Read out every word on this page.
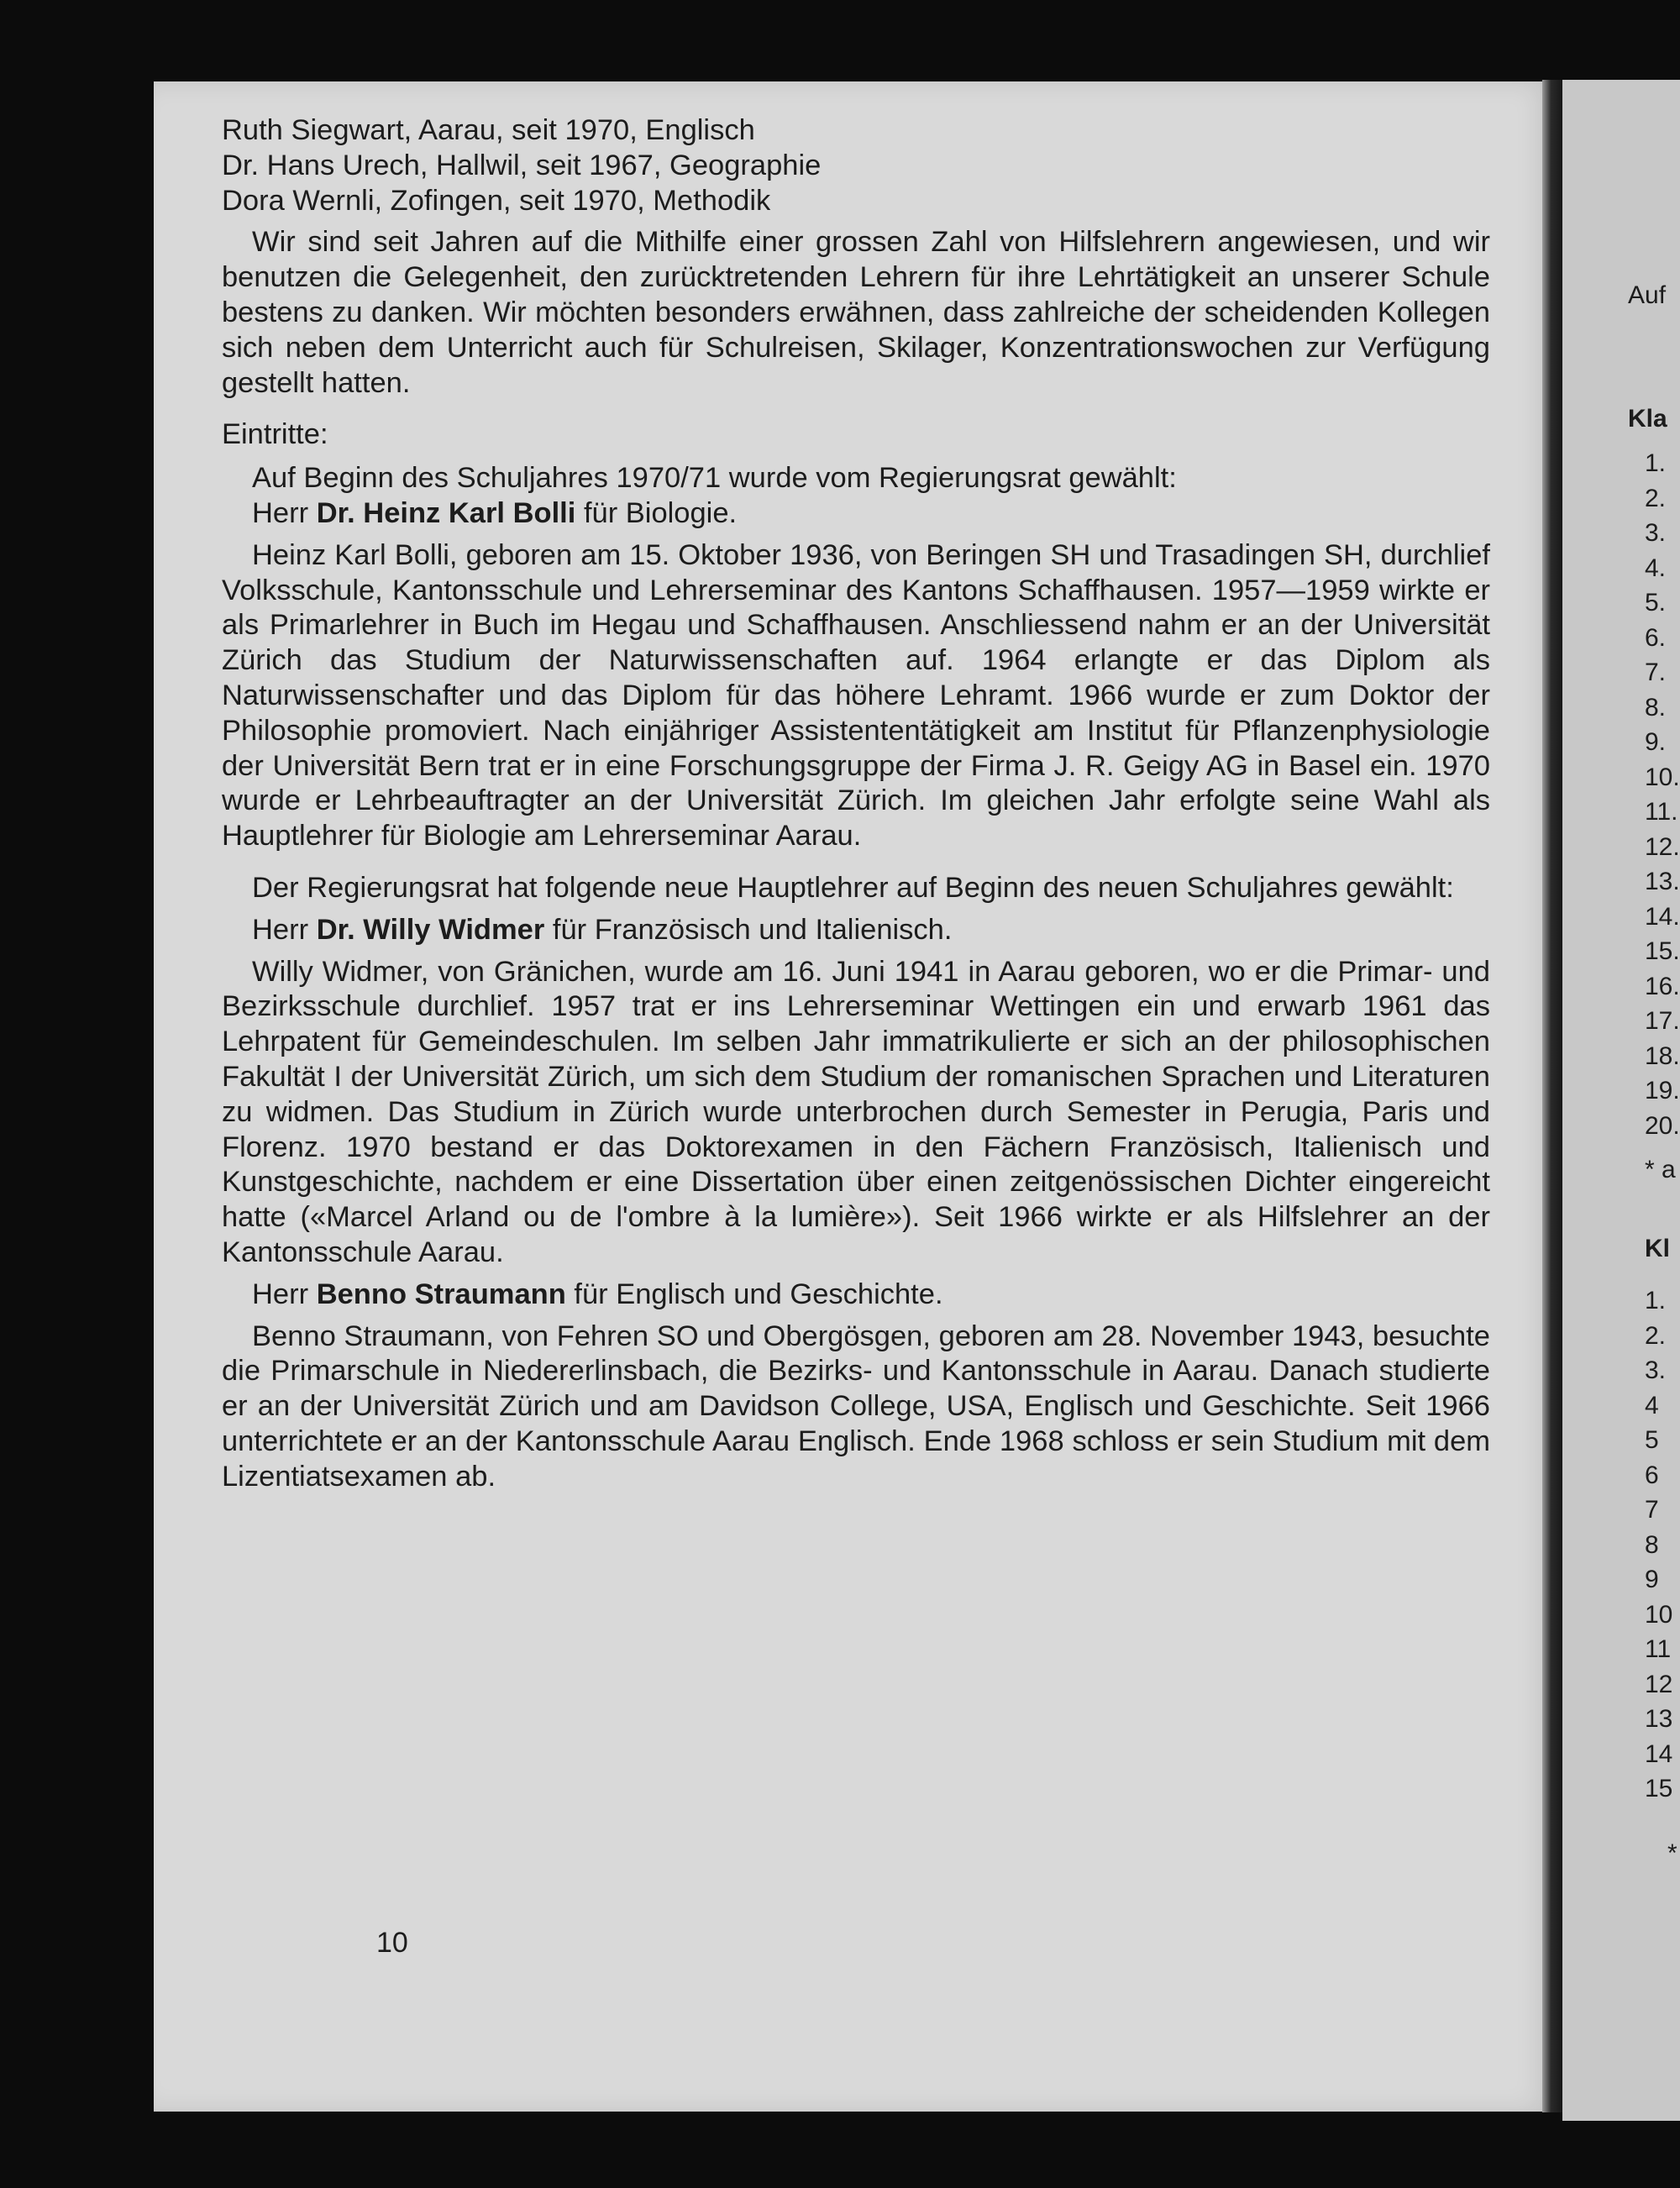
Ruth Siegwart, Aarau, seit 1970, Englisch
Dr. Hans Urech, Hallwil, seit 1967, Geographie
Dora Wernli, Zofingen, seit 1970, Methodik

Wir sind seit Jahren auf die Mithilfe einer grossen Zahl von Hilfslehrern angewiesen, und wir benutzen die Gelegenheit, den zurücktretenden Lehrern für ihre Lehrtätigkeit an unserer Schule bestens zu danken. Wir möchten besonders erwähnen, dass zahlreiche der scheidenden Kollegen sich neben dem Unterricht auch für Schulreisen, Skilager, Konzentrationswochen zur Verfügung gestellt hatten.

Eintritte:
Auf Beginn des Schuljahres 1970/71 wurde vom Regierungsrat gewählt:
Herr Dr. Heinz Karl Bolli für Biologie.

Heinz Karl Bolli, geboren am 15. Oktober 1936, von Beringen SH und Trasadingen SH, durchlief Volksschule, Kantonsschule und Lehrerseminar des Kantons Schaffhausen. 1957—1959 wirkte er als Primarlehrer in Buch im Hegau und Schaffhausen. Anschliessend nahm er an der Universität Zürich das Studium der Naturwissenschaften auf. 1964 erlangte er das Diplom als Naturwissenschafter und das Diplom für das höhere Lehramt. 1966 wurde er zum Doktor der Philosophie promoviert. Nach einjähriger Assistententätigkeit am Institut für Pflanzenphysiologie der Universität Bern trat er in eine Forschungsgruppe der Firma J. R. Geigy AG in Basel ein. 1970 wurde er Lehrbeauftragter an der Universität Zürich. Im gleichen Jahr erfolgte seine Wahl als Hauptlehrer für Biologie am Lehrerseminar Aarau.

Der Regierungsrat hat folgende neue Hauptlehrer auf Beginn des neuen Schuljahres gewählt:

Herr Dr. Willy Widmer für Französisch und Italienisch.

Willy Widmer, von Gränichen, wurde am 16. Juni 1941 in Aarau geboren, wo er die Primar- und Bezirksschule durchlief. 1957 trat er ins Lehrerseminar Wettingen ein und erwarb 1961 das Lehrpatent für Gemeindeschulen. Im selben Jahr immatrikulierte er sich an der philosophischen Fakultät I der Universität Zürich, um sich dem Studium der romanischen Sprachen und Literaturen zu widmen. Das Studium in Zürich wurde unterbrochen durch Semester in Perugia, Paris und Florenz. 1970 bestand er das Doktorexamen in den Fächern Französisch, Italienisch und Kunstgeschichte, nachdem er eine Dissertation über einen zeitgenössischen Dichter eingereicht hatte («Marcel Arland ou de l'ombre à la lumière»). Seit 1966 wirkte er als Hilfslehrer an der Kantonsschule Aarau.

Herr Benno Straumann für Englisch und Geschichte.

Benno Straumann, von Fehren SO und Obergösgen, geboren am 28. November 1943, besuchte die Primarschule in Niedererlinsbach, die Bezirks- und Kantonsschule in Aarau. Danach studierte er an der Universität Zürich und am Davidson College, USA, Englisch und Geschichte. Seit 1966 unterrichtete er an der Kantonsschule Aarau Englisch. Ende 1968 schloss er sein Studium mit dem Lizentiatsexamen ab.

10
Auf
Kla
1.
2.
3.
4.
5.
6.
7.
8.
9.
10.
11.
12.
13.
14.
15.
16.
17.
18.
19.
20.
* a
Kl
1.
2.
3.
4
5
6
7
8
9
10
11
12
13
14
15
*
